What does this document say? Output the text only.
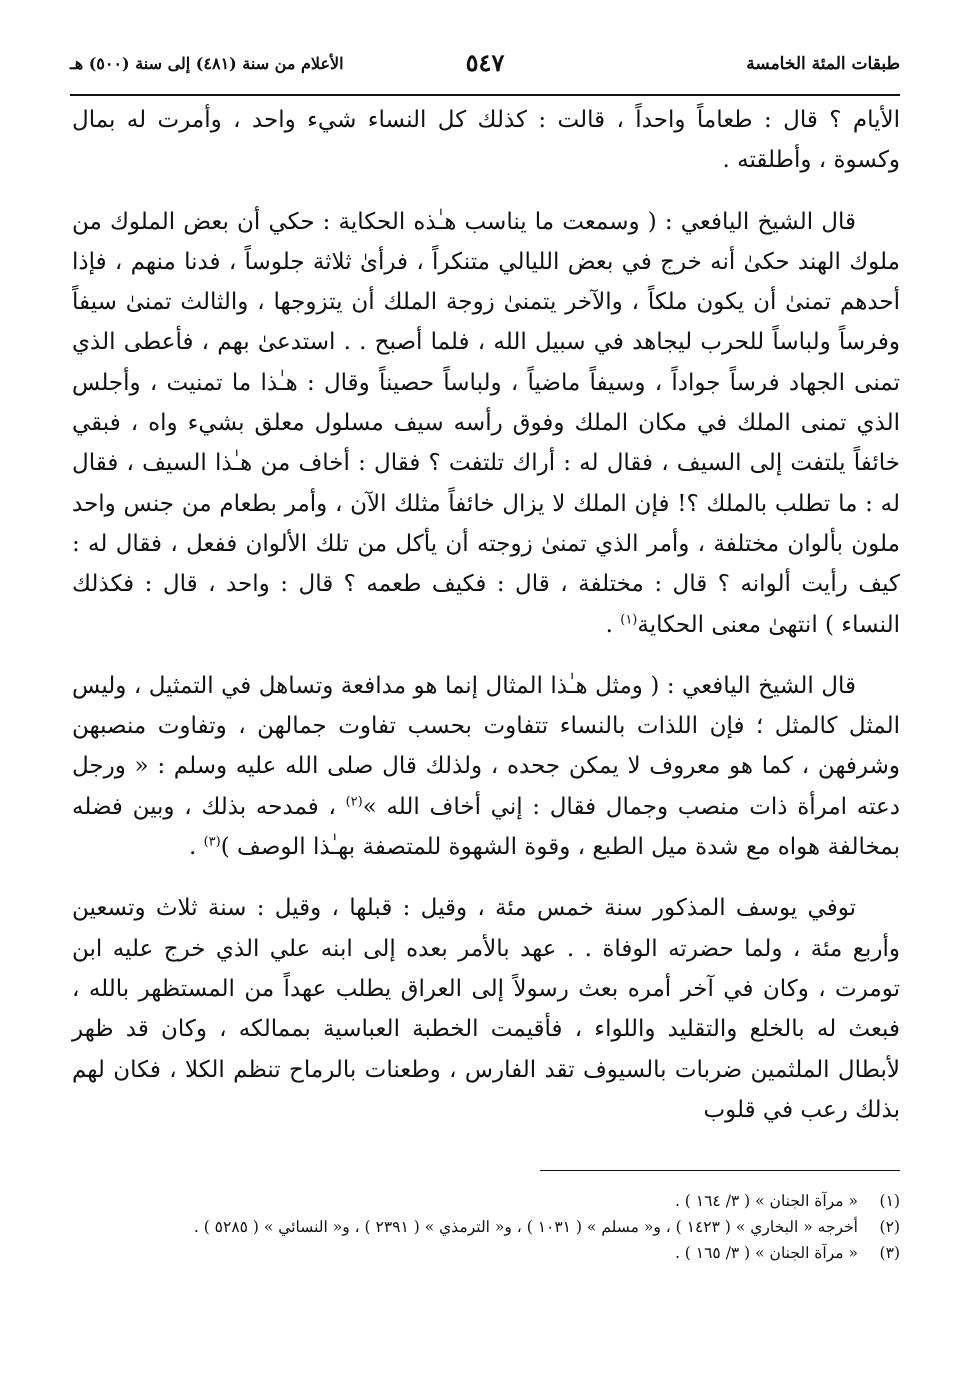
طبقات المئة الخامسة
٥٤٧
الأعلام من سنة (٤٨١) إلى سنة (٥٠٠) هـ

الأيام ؟ قال : طعاماً واحداً ، قالت : كذلك كل النساء شيء واحد ، وأمرت له بمال وكسوة ، وأطلقته .

قال الشيخ اليافعي : ( وسمعت ما يناسب هـٰذه الحكاية : حكي أن بعض الملوك من ملوك الهند حكىٰ أنه خرج في بعض الليالي متنكراً ، فرأىٰ ثلاثة جلوساً ، فدنا منهم ، فإذا أحدهم تمنىٰ أن يكون ملكاً ، والآخر يتمنىٰ زوجة الملك أن يتزوجها ، والثالث تمنىٰ سيفاً وفرساً ولباساً للحرب ليجاهد في سبيل الله ، فلما أصبح . . استدعىٰ بهم ، فأعطى الذي تمنى الجهاد فرساً جواداً ، وسيفاً ماضياً ، ولباساً حصيناً وقال : هـٰذا ما تمنيت ، وأجلس الذي تمنى الملك في مكان الملك وفوق رأسه سيف مسلول معلق بشيء واه ، فبقي خائفاً يلتفت إلى السيف ، فقال له : أراك تلتفت ؟ فقال : أخاف من هـٰذا السيف ، فقال له : ما تطلب بالملك ؟! فإن الملك لا يزال خائفاً مثلك الآن ، وأمر بطعام من جنس واحد ملون بألوان مختلفة ، وأمر الذي تمنىٰ زوجته أن يأكل من تلك الألوان ففعل ، فقال له : كيف رأيت ألوانه ؟ قال : مختلفة ، قال : فكيف طعمه ؟ قال : واحد ، قال : فكذلك النساء ) انتهىٰ معنى الحكاية$^{(١)}$ .

قال الشيخ اليافعي : ( ومثل هـٰذا المثال إنما هو مدافعة وتساهل في التمثيل ، وليس المثل كالمثل ؛ فإن اللذات بالنساء تتفاوت بحسب تفاوت جمالهن ، وتفاوت منصبهن وشرفهن ، كما هو معروف لا يمكن جحده ، ولذلك قال صلى الله عليه وسلم : « ورجل دعته امرأة ذات منصب وجمال فقال : إني أخاف الله »$^{(٢)}$ ، فمدحه بذلك ، وبين فضله بمخالفة هواه مع شدة ميل الطبع ، وقوة الشهوة للمتصفة بهـٰذا الوصف )$^{(٣)}$ .

توفي يوسف المذكور سنة خمس مئة ، وقيل : قبلها ، وقيل : سنة ثلاث وتسعين وأربع مئة ، ولما حضرته الوفاة . . عهد بالأمر بعده إلى ابنه علي الذي خرج عليه ابن تومرت ، وكان في آخر أمره بعث رسولاً إلى العراق يطلب عهداً من المستظهر بالله ، فبعث له بالخلع والتقليد واللواء ، فأقيمت الخطبة العباسية بممالكه ، وكان قد ظهر لأبطال الملثمين ضربات بالسيوف تقد الفارس ، وطعنات بالرماح تنظم الكلا ، فكان لهم بذلك رعب في قلوب

(١)« مرآة الجنان » ( ٣/ ١٦٤ ) .
(٢)أخرجه « البخاري » ( ١٤٢٣ ) ، و« مسلم » ( ١٠٣١ ) ، و« الترمذي » ( ٢٣٩١ ) ، و« النسائي » ( ٥٢٨٥ ) .
(٣)« مرآة الجنان » ( ٣/ ١٦٥ ) .
